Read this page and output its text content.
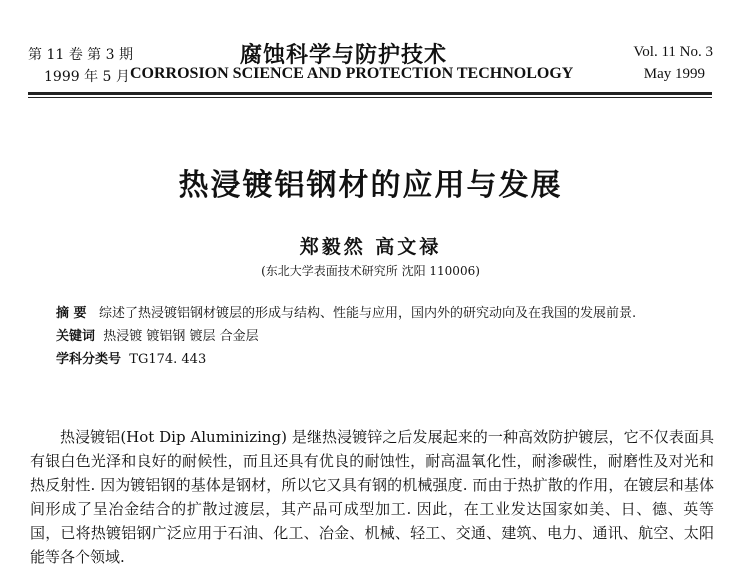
第 11 卷 第 3 期
1999 年 5 月
腐蚀科学与防护技术
CORROSION SCIENCE AND PROTECTION TECHNOLOGY
Vol. 11 No. 3
May 1999
热浸镀铝钢材的应用与发展
郑毅然 高文禄
(东北大学表面技术研究所 沈阳 110006)
摘 要 综述了热浸镀铝钢材镀层的形成与结构、性能与应用，国内外的研究动向及在我国的发展前景.
关键词 热浸镀 镀铝钢 镀层 合金层
学科分类号 TG174. 443

热浸镀铝(Hot Dip Aluminizing) 是继热浸镀锌之后发展起来的一种高效防护镀层，它不仅表面具有银白色光泽和良好的耐候性，而且还具有优良的耐蚀性，耐高温氧化性，耐渗碳性，耐磨性及对光和热反射性. 因为镀铝钢的基体是钢材，所以它又具有钢的机械强度. 而由于热扩散的作用，在镀层和基体间形成了呈冶金结合的扩散过渡层，其产品可成型加工. 因此，在工业发达国家如美、日、德、英等国，已将热镀铝钢广泛应用于石油、化工、冶金、机械、轻工、交通、建筑、电力、通讯、航空、太阳能等各个领域.
